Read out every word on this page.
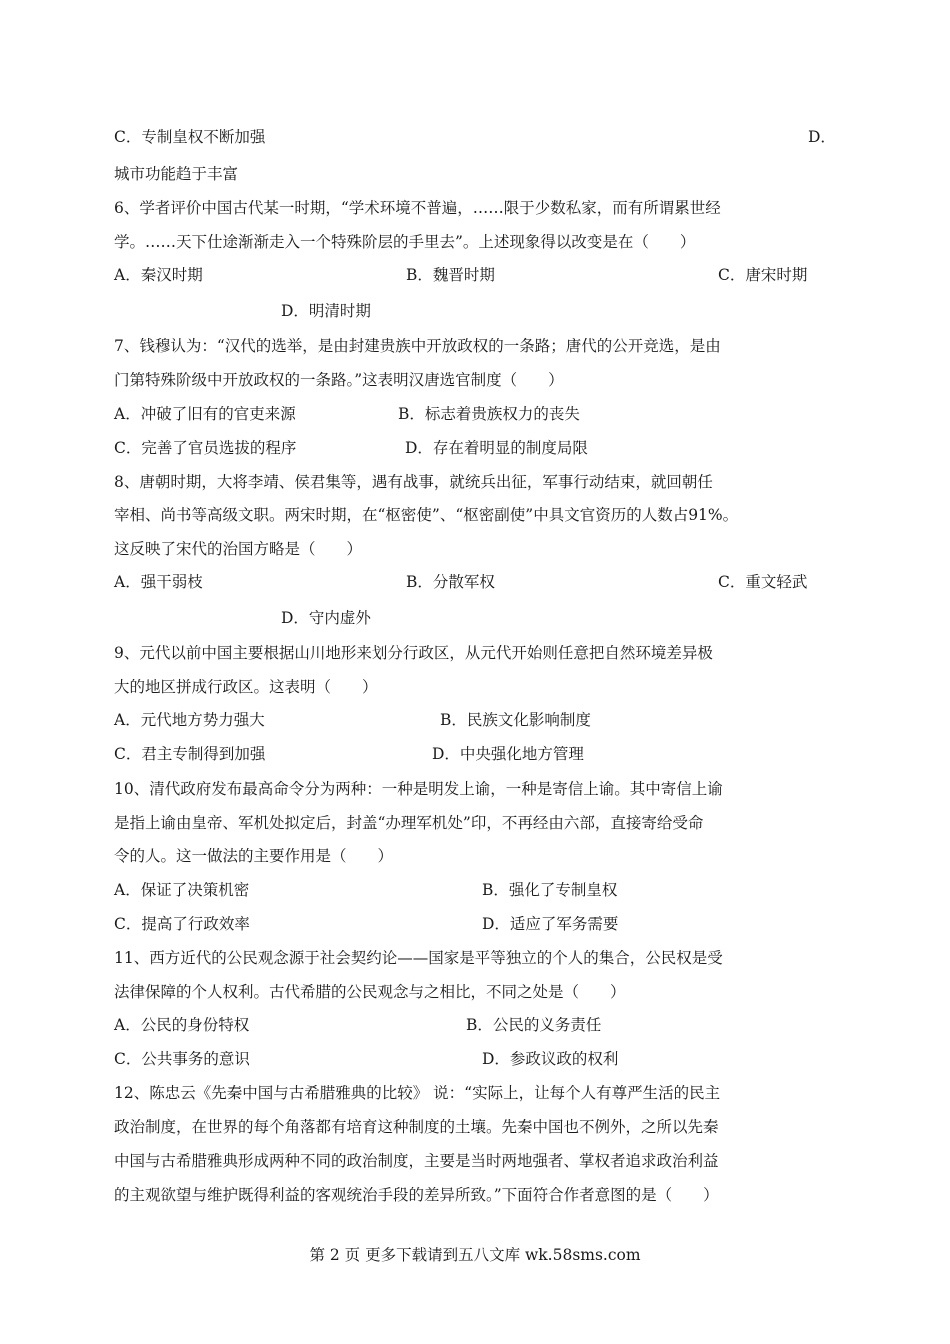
C．专制皇权不断加强	D．
城市功能趋于丰富
6、学者评价中国古代某一时期，“学术环境不普遍，……限于少数私家，而有所谓累世经
学。……天下仕途渐渐走入一个特殊阶层的手里去”。上述现象得以改变是在（　　）
A．秦汉时期	B．魏晋时期	C．唐宋时期
D．明清时期
7、钱穆认为：“汉代的选举，是由封建贵族中开放政权的一条路；唐代的公开竞选，是由
门第特殊阶级中开放政权的一条路。”这表明汉唐选官制度（　　）
A．冲破了旧有的官吏来源	B．标志着贵族权力的丧失
C．完善了官员选拔的程序	D．存在着明显的制度局限
8、唐朝时期，大将李靖、侯君集等，遇有战事，就统兵出征，军事行动结束，就回朝任
宰相、尚书等高级文职。两宋时期，在“枢密使”、“枢密副使”中具文官资历的人数占91%。
这反映了宋代的治国方略是（　　）
A．强干弱枝	B．分散军权	C．重文轻武
D．守内虚外
9、元代以前中国主要根据山川地形来划分行政区，从元代开始则任意把自然环境差异极
大的地区拼成行政区。这表明（　　）
A．元代地方势力强大	B．民族文化影响制度
C．君主专制得到加强	D．中央强化地方管理
10、清代政府发布最高命令分为两种：一种是明发上谕，一种是寄信上谕。其中寄信上谕
是指上谕由皇帝、军机处拟定后，封盖“办理军机处”印，不再经由六部，直接寄给受命
令的人。这一做法的主要作用是（　　）
A．保证了决策机密	B．强化了专制皇权
C．提高了行政效率	D．适应了军务需要
11、西方近代的公民观念源于社会契约论——国家是平等独立的个人的集合，公民权是受
法律保障的个人权利。古代希腊的公民观念与之相比，不同之处是（　　）
A．公民的身份特权	B．公民的义务责任
C．公共事务的意识	D．参政议政的权利
12、陈忠云《先秦中国与古希腊雅典的比较》 说：“实际上，让每个人有尊严生活的民主
政治制度，在世界的每个角落都有培育这种制度的土壤。先秦中国也不例外，之所以先秦
中国与古希腊雅典形成两种不同的政治制度，主要是当时两地强者、掌权者追求政治利益
的主观欲望与维护既得利益的客观统治手段的差异所致。”下面符合作者意图的是（　　）
第 2 页 更多下载请到五八文库 wk.58sms.com
